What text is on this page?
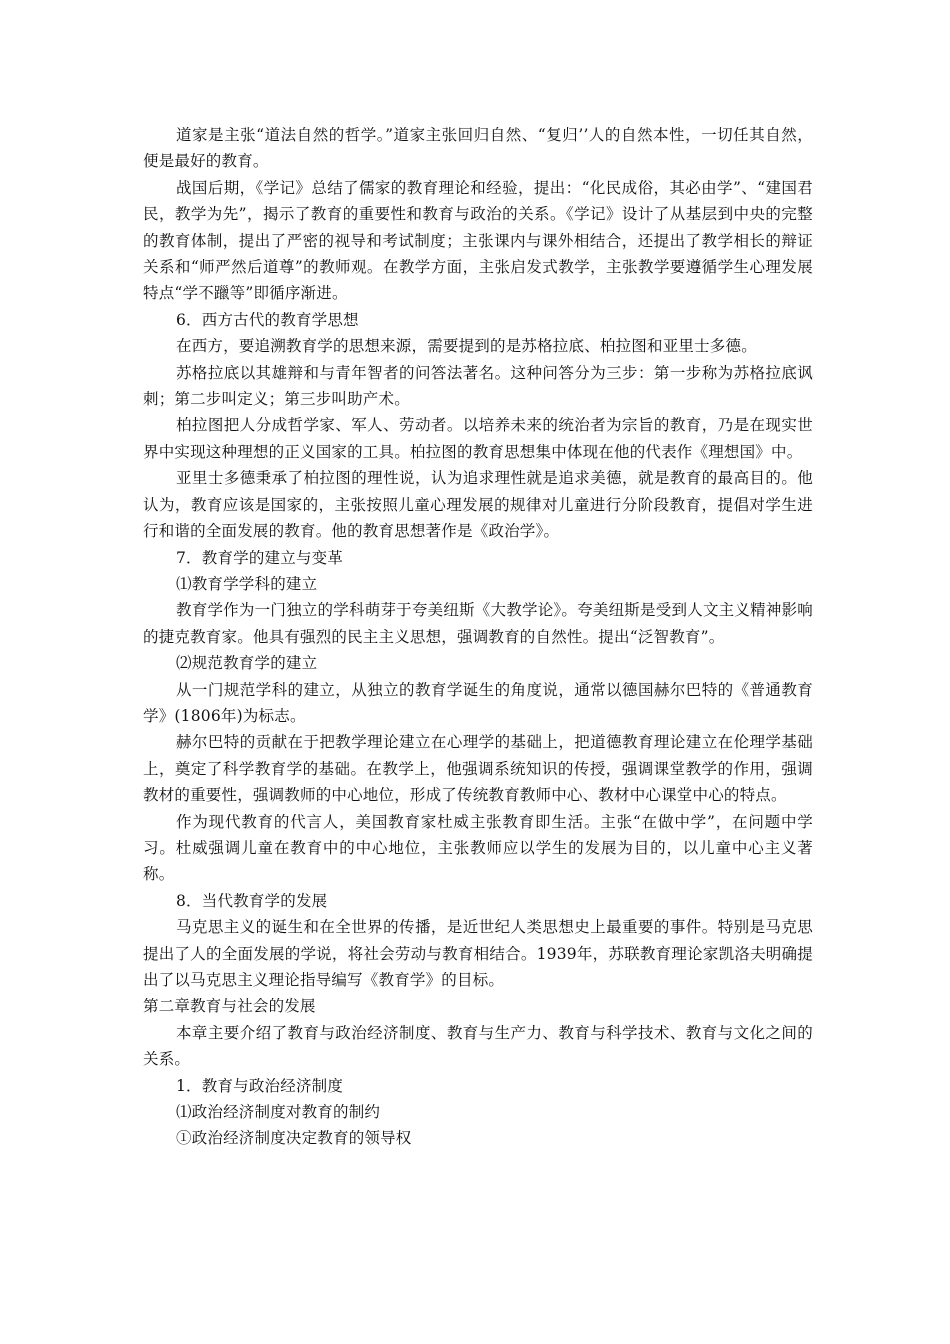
道家是主张“道法自然的哲学。”道家主张回归自然、“复归’’人的自然本性，一切任其自然，便是最好的教育。

战国后期，《学记》总结了儒家的教育理论和经验，提出：“化民成俗，其必由学”、“建国君民，教学为先”，揭示了教育的重要性和教育与政治的关系。《学记》设计了从基层到中央的完整的教育体制，提出了严密的视导和考试制度；主张课内与课外相结合，还提出了教学相长的辩证关系和“师严然后道尊”的教师观。在教学方面，主张启发式教学，主张教学要遵循学生心理发展特点“学不躐等”即循序渐进。

6．西方古代的教育学思想

在西方，要追溯教育学的思想来源，需要提到的是苏格拉底、柏拉图和亚里士多德。

苏格拉底以其雄辩和与青年智者的问答法著名。这种问答分为三步：第一步称为苏格拉底讽刺；第二步叫定义；第三步叫助产术。

柏拉图把人分成哲学家、军人、劳动者。以培养未来的统治者为宗旨的教育，乃是在现实世界中实现这种理想的正义国家的工具。柏拉图的教育思想集中体现在他的代表作《理想国》中。

亚里士多德秉承了柏拉图的理性说，认为追求理性就是追求美德，就是教育的最高目的。他认为，教育应该是国家的，主张按照儿童心理发展的规律对儿童进行分阶段教育，提倡对学生进行和谐的全面发展的教育。他的教育思想著作是《政治学》。

7．教育学的建立与变革

⑴教育学学科的建立

教育学作为一门独立的学科萌芽于夸美纽斯《大教学论》。夸美纽斯是受到人文主义精神影响的捷克教育家。他具有强烈的民主主义思想，强调教育的自然性。提出“泛智教育”。

⑵规范教育学的建立

从一门规范学科的建立，从独立的教育学诞生的角度说，通常以德国赫尔巴特的《普通教育学》(1806年)为标志。

赫尔巴特的贡献在于把教学理论建立在心理学的基础上，把道德教育理论建立在伦理学基础上，奠定了科学教育学的基础。在教学上，他强调系统知识的传授，强调课堂教学的作用，强调教材的重要性，强调教师的中心地位，形成了传统教育教师中心、教材中心课堂中心的特点。

作为现代教育的代言人，美国教育家杜威主张教育即生活。主张“在做中学”，在问题中学习。杜威强调儿童在教育中的中心地位，主张教师应以学生的发展为目的，以儿童中心主义著称。

8．当代教育学的发展

马克思主义的诞生和在全世界的传播，是近世纪人类思想史上最重要的事件。特别是马克思提出了人的全面发展的学说，将社会劳动与教育相结合。1939年，苏联教育理论家凯洛夫明确提出了以马克思主义理论指导编写《教育学》的目标。

第二章教育与社会的发展

本章主要介绍了教育与政治经济制度、教育与生产力、教育与科学技术、教育与文化之间的关系。

1．教育与政治经济制度

⑴政治经济制度对教育的制约

①政治经济制度决定教育的领导权
